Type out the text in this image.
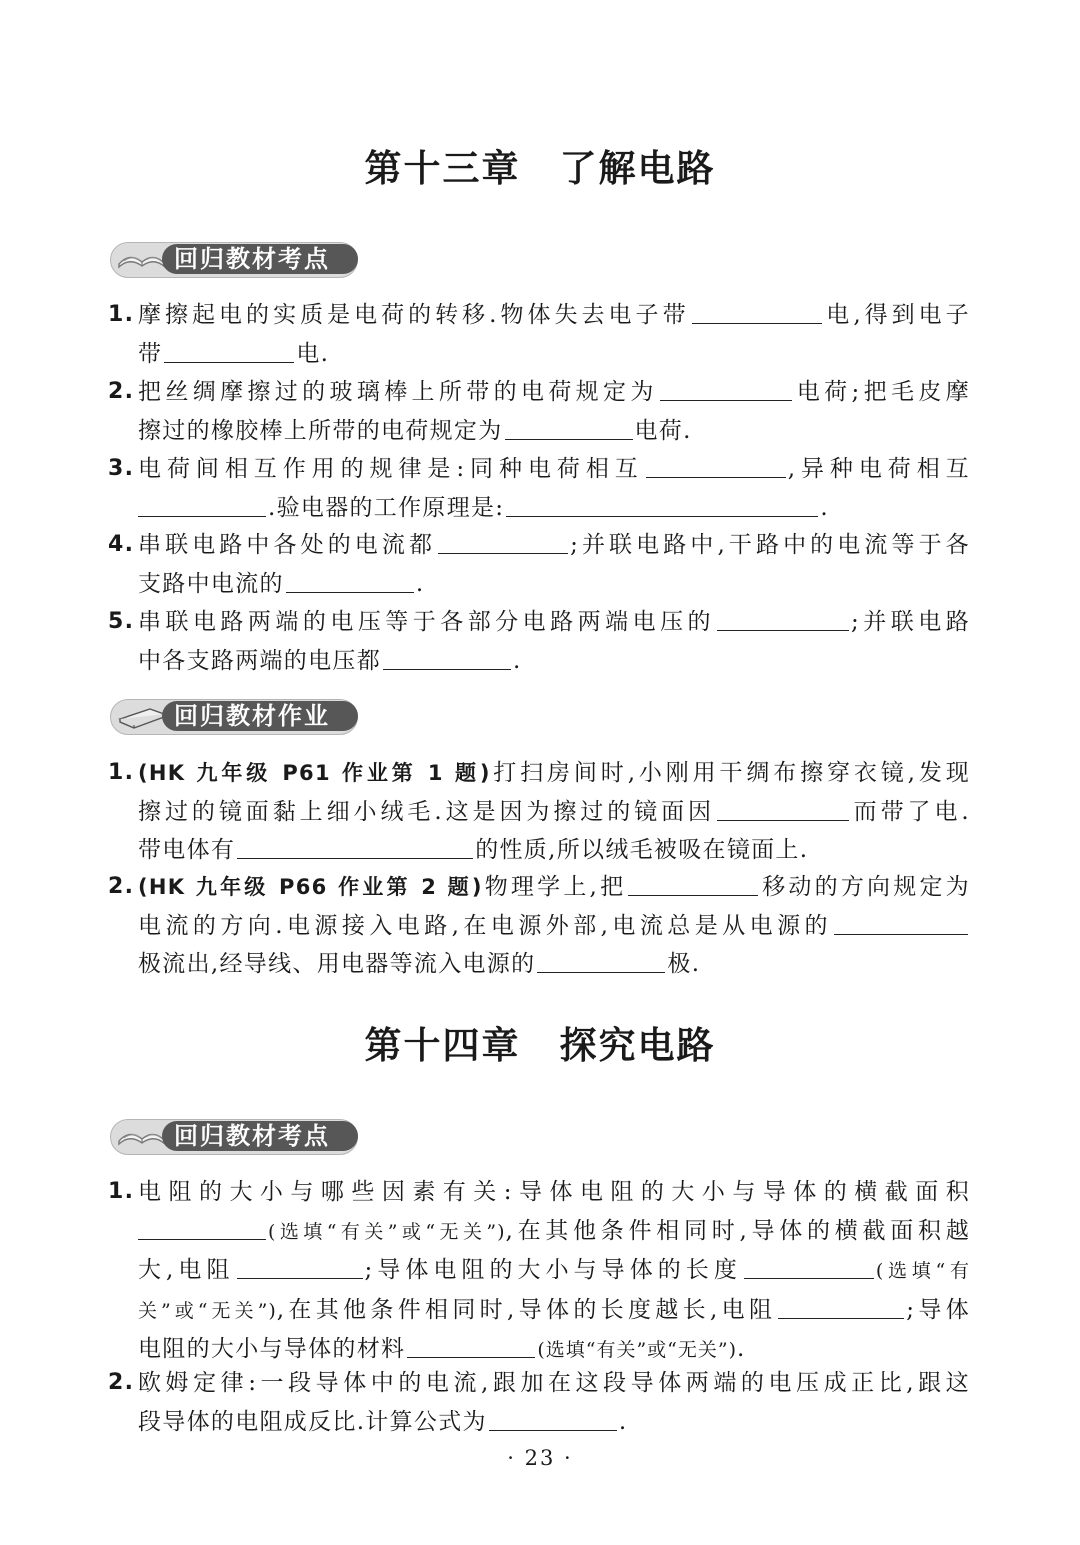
第十三章　了解电路
回归教材考点
1. 摩擦起电的实质是电荷的转移.物体失去电子带	电,得到电子
带	电.
2. 把丝绸摩擦过的玻璃棒上所带的电荷规定为	电荷;把毛皮摩
擦过的橡胶棒上所带的电荷规定为	电荷.
3. 电荷间相互作用的规律是:同种电荷相互	,异种电荷相互
.验电器的工作原理是:	.
4. 串联电路中各处的电流都	;并联电路中,干路中的电流等于各
支路中电流的	.
5. 串联电路两端的电压等于各部分电路两端电压的	;并联电路
中各支路两端的电压都	.
回归教材作业
1. (HK 九年级 P61 作业第 1 题)打扫房间时,小刚用干绸布擦穿衣镜,发现
擦过的镜面黏上细小绒毛.这是因为擦过的镜面因	而带了电.
带电体有	的性质,所以绒毛被吸在镜面上.
2. (HK 九年级 P66 作业第 2 题)物理学上,把	移动的方向规定为
电流的方向.电源接入电路,在电源外部,电流总是从电源的
极流出,经导线、用电器等流入电源的	极.
第十四章　探究电路
回归教材考点
1. 电阻的大小与哪些因素有关:导体电阻的大小与导体的横截面积
(选填“有关”或“无关”),在其他条件相同时,导体的横截面积越
大,电阻	;导体电阻的大小与导体的长度	(选填“有
关”或“无关”),在其他条件相同时,导体的长度越长,电阻	;导体
电阻的大小与导体的材料	(选填“有关”或“无关”).
2. 欧姆定律:一段导体中的电流,跟加在这段导体两端的电压成正比,跟这
段导体的电阻成反比.计算公式为	.
· 23 ·
